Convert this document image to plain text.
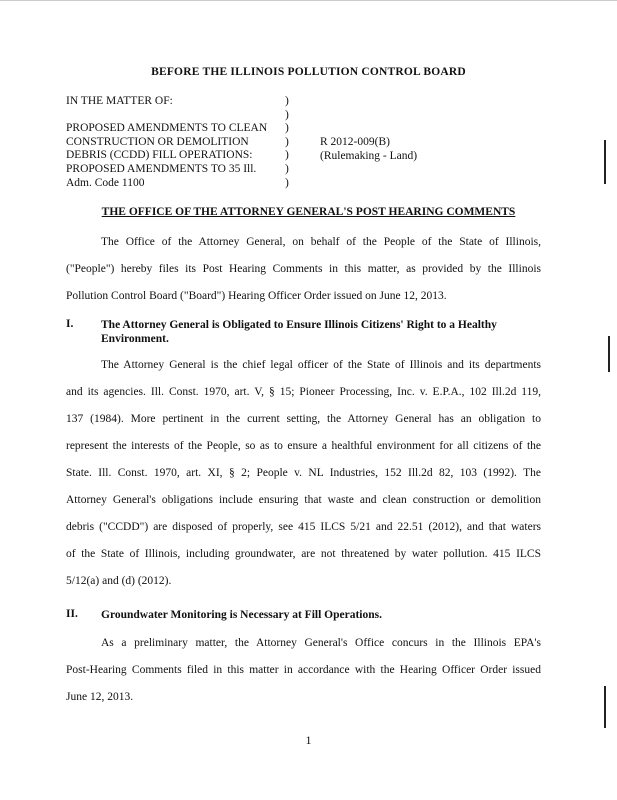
BEFORE THE ILLINOIS POLLUTION CONTROL BOARD
IN THE MATTER OF:
PROPOSED AMENDMENTS TO CLEAN
CONSTRUCTION OR DEMOLITION
DEBRIS (CCDD) FILL OPERATIONS:
PROPOSED AMENDMENTS TO 35 Ill.
Adm. Code 1100
)
)
)
)
)
)
)
R 2012-009(B)
(Rulemaking - Land)
THE OFFICE OF THE ATTORNEY GENERAL'S POST HEARING COMMENTS
The Office of the Attorney General, on behalf of the People of the State of Illinois,
("People") hereby files its Post Hearing Comments in this matter, as provided by the Illinois
Pollution Control Board ("Board") Hearing Officer Order issued on June 12, 2013.
I. The Attorney General is Obligated to Ensure Illinois Citizens' Right to a Healthy Environment.
The Attorney General is the chief legal officer of the State of Illinois and its departments
and its agencies. Ill. Const. 1970, art. V, § 15; Pioneer Processing, Inc. v. E.P.A., 102 Ill.2d 119,
137 (1984). More pertinent in the current setting, the Attorney General has an obligation to
represent the interests of the People, so as to ensure a healthful environment for all citizens of the
State. Ill. Const. 1970, art. XI, § 2; People v. NL Industries, 152 Ill.2d 82, 103 (1992). The
Attorney General's obligations include ensuring that waste and clean construction or demolition
debris ("CCDD") are disposed of properly, see 415 ILCS 5/21 and 22.51 (2012), and that waters
of the State of Illinois, including groundwater, are not threatened by water pollution. 415 ILCS
5/12(a) and (d) (2012).
II. Groundwater Monitoring is Necessary at Fill Operations.
As a preliminary matter, the Attorney General's Office concurs in the Illinois EPA's
Post-Hearing Comments filed in this matter in accordance with the Hearing Officer Order issued
June 12, 2013.
1
